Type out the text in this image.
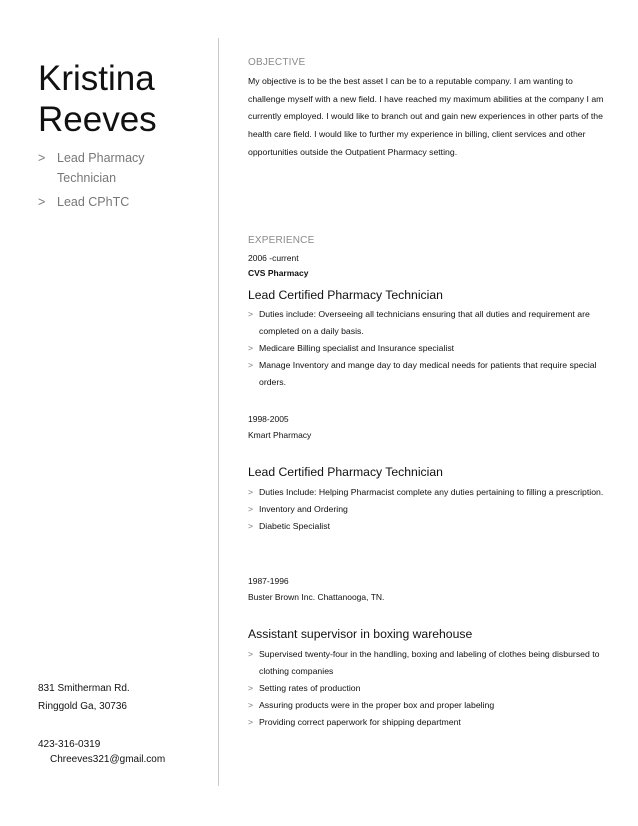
Kristina
Reeves
> Lead Pharmacy Technician
> Lead CPhTC
831 Smitherman Rd.
Ringgold Ga, 30736
423-316-0319
Chreeves321@gmail.com
OBJECTIVE

My objective is to be the best asset I can be to a reputable company. I am wanting to challenge myself with a new field. I have reached my maximum abilities at the company I am currently employed. I would like to branch out and gain new experiences in other parts of the health care field. I would like to further my experience in billing, client services and other opportunities outside the Outpatient Pharmacy setting.

EXPERIENCE
2006 -current
CVS Pharmacy
Lead Certified Pharmacy Technician
> Duties include: Overseeing all technicians ensuring that all duties and requirement are completed on a daily basis.
> Medicare Billing specialist and Insurance specialist
> Manage Inventory and mange day to day medical needs for patients that require special orders.
1998-2005
Kmart Pharmacy
Lead Certified Pharmacy Technician
> Duties Include: Helping Pharmacist complete any duties pertaining to filling a prescription.
> Inventory and Ordering
> Diabetic Specialist
1987-1996
Buster Brown Inc. Chattanooga, TN.
Assistant supervisor in boxing warehouse
> Supervised twenty-four in the handling, boxing and labeling of clothes being disbursed to clothing companies
> Setting rates of production
> Assuring products were in the proper box and proper labeling
> Providing correct paperwork for shipping department
